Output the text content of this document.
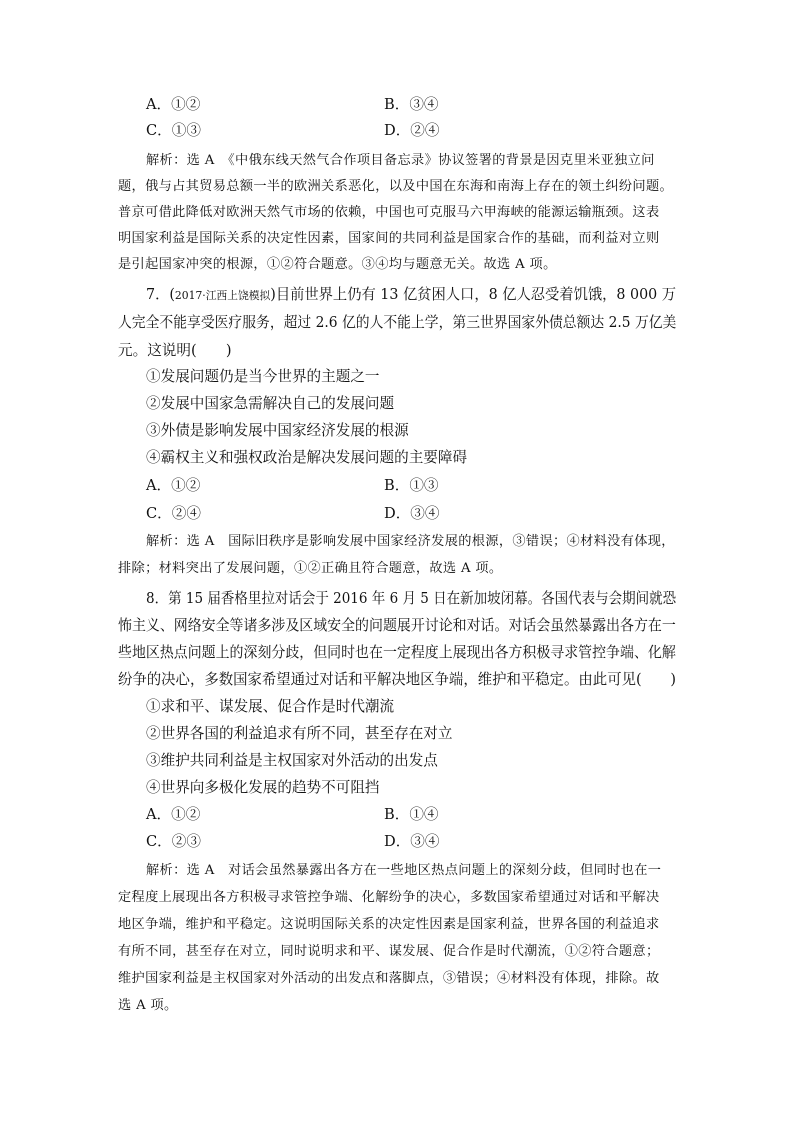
A．①②	B．③④
C．①③	D．②④
解析：选 A　《中俄东线天然气合作项目备忘录》协议签署的背景是因克里米亚独立问
题，俄与占其贸易总额一半的欧洲关系恶化，以及中国在东海和南海上存在的领土纠纷问题。
普京可借此降低对欧洲天然气市场的依赖，中国也可克服马六甲海峡的能源运输瓶颈。这表
明国家利益是国际关系的决定性因素，国家间的共同利益是国家合作的基础，而利益对立则
是引起国家冲突的根源，①②符合题意。③④均与题意无关。故选 A 项。
7．(2017·江西上饶模拟)目前世界上仍有 13 亿贫困人口，8 亿人忍受着饥饿，8 000 万
人完全不能享受医疗服务，超过 2.6 亿的人不能上学，第三世界国家外债总额达 2.5 万亿美
元。这说明(　　)
①发展问题仍是当今世界的主题之一
②发展中国家急需解决自己的发展问题
③外债是影响发展中国家经济发展的根源
④霸权主义和强权政治是解决发展问题的主要障碍
A．①②	B．①③
C．②④	D．③④
解析：选 A　国际旧秩序是影响发展中国家经济发展的根源，③错误；④材料没有体现，
排除；材料突出了发展问题，①②正确且符合题意，故选 A 项。
8．第 15 届香格里拉对话会于 2016 年 6 月 5 日在新加坡闭幕。各国代表与会期间就恐
怖主义、网络安全等诸多涉及区域安全的问题展开讨论和对话。对话会虽然暴露出各方在一
些地区热点问题上的深刻分歧，但同时也在一定程度上展现出各方积极寻求管控争端、化解
纷争的决心，多数国家希望通过对话和平解决地区争端，维护和平稳定。由此可见(　　)
①求和平、谋发展、促合作是时代潮流
②世界各国的利益追求有所不同，甚至存在对立
③维护共同利益是主权国家对外活动的出发点
④世界向多极化发展的趋势不可阻挡
A．①②	B．①④
C．②③	D．③④
解析：选 A　对话会虽然暴露出各方在一些地区热点问题上的深刻分歧，但同时也在一
定程度上展现出各方积极寻求管控争端、化解纷争的决心，多数国家希望通过对话和平解决
地区争端，维护和平稳定。这说明国际关系的决定性因素是国家利益，世界各国的利益追求
有所不同，甚至存在对立，同时说明求和平、谋发展、促合作是时代潮流，①②符合题意；
维护国家利益是主权国家对外活动的出发点和落脚点，③错误；④材料没有体现，排除。故
选 A 项。
